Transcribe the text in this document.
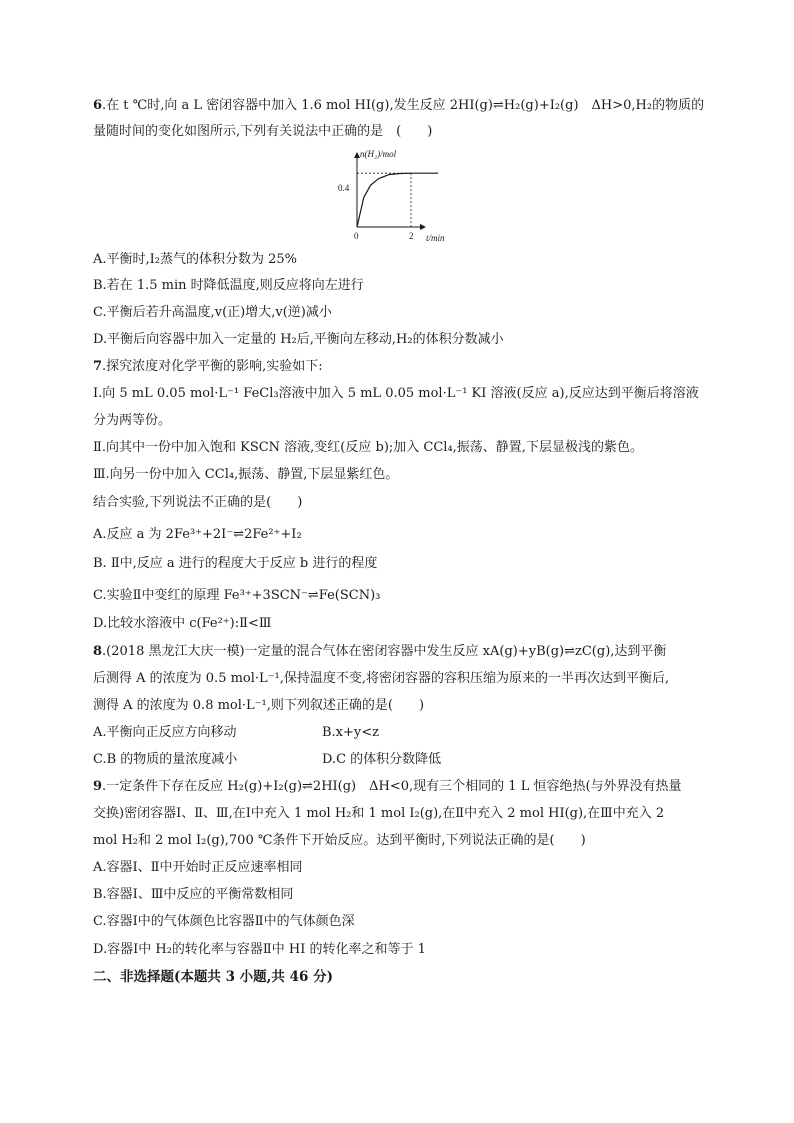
6.在 t ℃时,向 a L 密闭容器中加入 1.6 mol HI(g),发生反应 2HI(g)⇌H₂(g)+I₂(g)　ΔH>0,H₂的物质的
量随时间的变化如图所示,下列有关说法中正确的是　(　　)
n(H₂)/mol
t/min
0	2
0.4
A.平衡时,I₂蒸气的体积分数为 25%
B.若在 1.5 min 时降低温度,则反应将向左进行
C.平衡后若升高温度,v(正)增大,v(逆)减小
D.平衡后向容器中加入一定量的 H₂后,平衡向左移动,H₂的体积分数减小
7.探究浓度对化学平衡的影响,实验如下:
Ⅰ.向 5 mL 0.05 mol·L⁻¹ FeCl₃溶液中加入 5 mL 0.05 mol·L⁻¹ KI 溶液(反应 a),反应达到平衡后将溶液
分为两等份。
Ⅱ.向其中一份中加入饱和 KSCN 溶液,变红(反应 b);加入 CCl₄,振荡、静置,下层显极浅的紫色。
Ⅲ.向另一份中加入 CCl₄,振荡、静置,下层显紫红色。
结合实验,下列说法不正确的是(　　)
A.反应 a 为 2Fe³⁺+2I⁻⇌2Fe²⁺+I₂
B. Ⅱ中,反应 a 进行的程度大于反应 b 进行的程度
C.实验Ⅱ中变红的原理 Fe³⁺+3SCN⁻⇌Fe(SCN)₃
D.比较水溶液中 c(Fe²⁺):Ⅱ<Ⅲ
8.(2018 黑龙江大庆一模)一定量的混合气体在密闭容器中发生反应 xA(g)+yB(g)⇌zC(g),达到平衡
后测得 A 的浓度为 0.5 mol·L⁻¹,保持温度不变,将密闭容器的容积压缩为原来的一半再次达到平衡后,
测得 A 的浓度为 0.8 mol·L⁻¹,则下列叙述正确的是(　　)
A.平衡向正反应方向移动	B.x+y<z
C.B 的物质的量浓度减小	D.C 的体积分数降低
9.一定条件下存在反应 H₂(g)+I₂(g)⇌2HI(g)　ΔH<0,现有三个相同的 1 L 恒容绝热(与外界没有热量
交换)密闭容器Ⅰ、Ⅱ、Ⅲ,在Ⅰ中充入 1 mol H₂和 1 mol I₂(g),在Ⅱ中充入 2 mol HI(g),在Ⅲ中充入 2
mol H₂和 2 mol I₂(g),700 ℃条件下开始反应。达到平衡时,下列说法正确的是(　　)
A.容器Ⅰ、Ⅱ中开始时正反应速率相同
B.容器Ⅰ、Ⅲ中反应的平衡常数相同
C.容器Ⅰ中的气体颜色比容器Ⅱ中的气体颜色深
D.容器Ⅰ中 H₂的转化率与容器Ⅱ中 HI 的转化率之和等于 1
二、非选择题(本题共 3 小题,共 46 分)
